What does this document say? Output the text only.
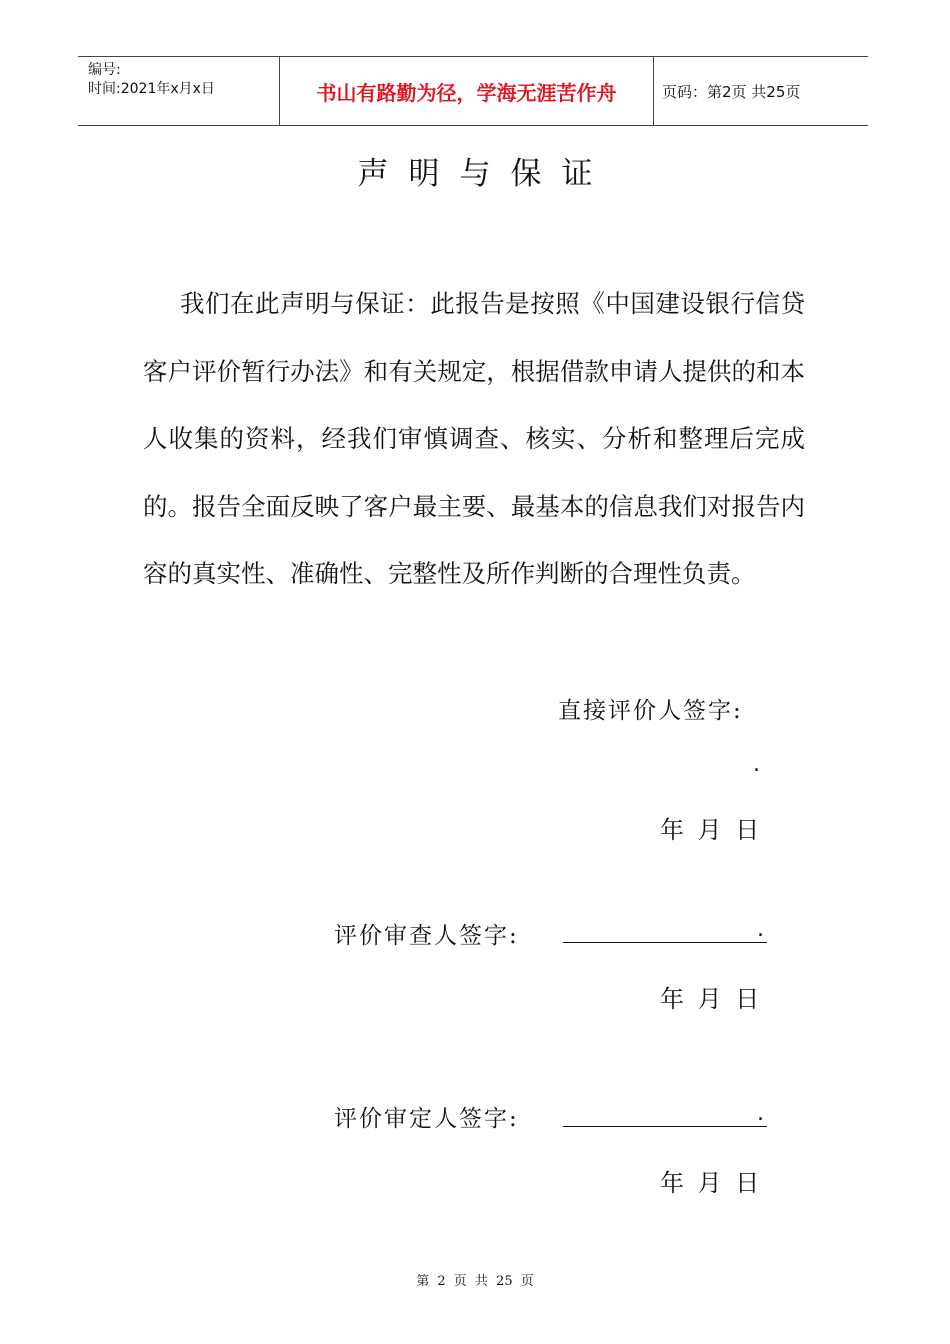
编号:
时间:2021年x月x日	书山有路勤为径，学海无涯苦作舟	页码：第2页 共25页
声明与保证

我们在此声明与保证：此报告是按照《中国建设银行信贷客户评价暂行办法》和有关规定，根据借款申请人提供的和本人收集的资料，经我们审慎调查、核实、分析和整理后完成的。报告全面反映了客户最主要、最基本的信息我们对报告内容的真实性、准确性、完整性及所作判断的合理性负责。

直接评价人签字:
.
年 月 日
评价审查人签字:	.
年 月 日
评价审定人签字:	.
年 月 日
第 2 页 共 25 页
